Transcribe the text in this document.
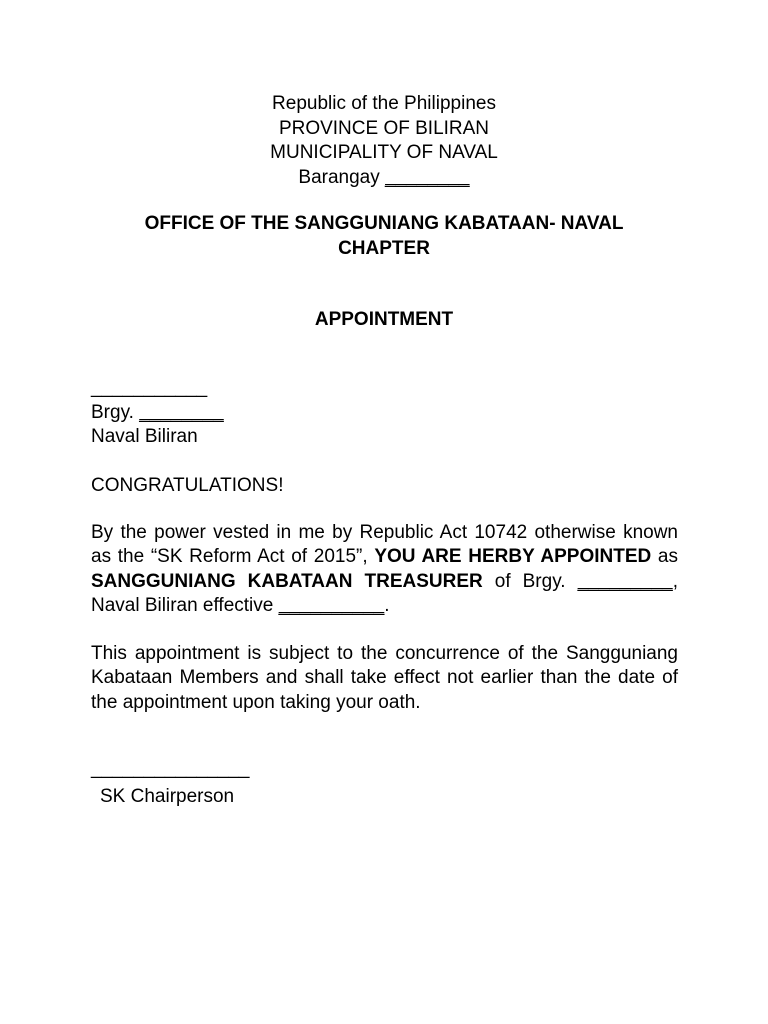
Republic of the Philippines
PROVINCE OF BILIRAN
MUNICIPALITY OF NAVAL
Barangay ________
OFFICE OF THE SANGGUNIANG KABATAAN- NAVAL CHAPTER
APPOINTMENT
___________
Brgy. ________
Naval Biliran
CONGRATULATIONS!
By the power vested in me by Republic Act 10742 otherwise known as the “SK Reform Act of 2015”, YOU ARE HERBY APPOINTED as SANGGUNIANG KABATAAN TREASURER of Brgy. _________, Naval Biliran effective __________.
This appointment is subject to the concurrence of the Sangguniang Kabataan Members and shall take effect not earlier than the date of the appointment upon taking your oath.
_______________
SK Chairperson
